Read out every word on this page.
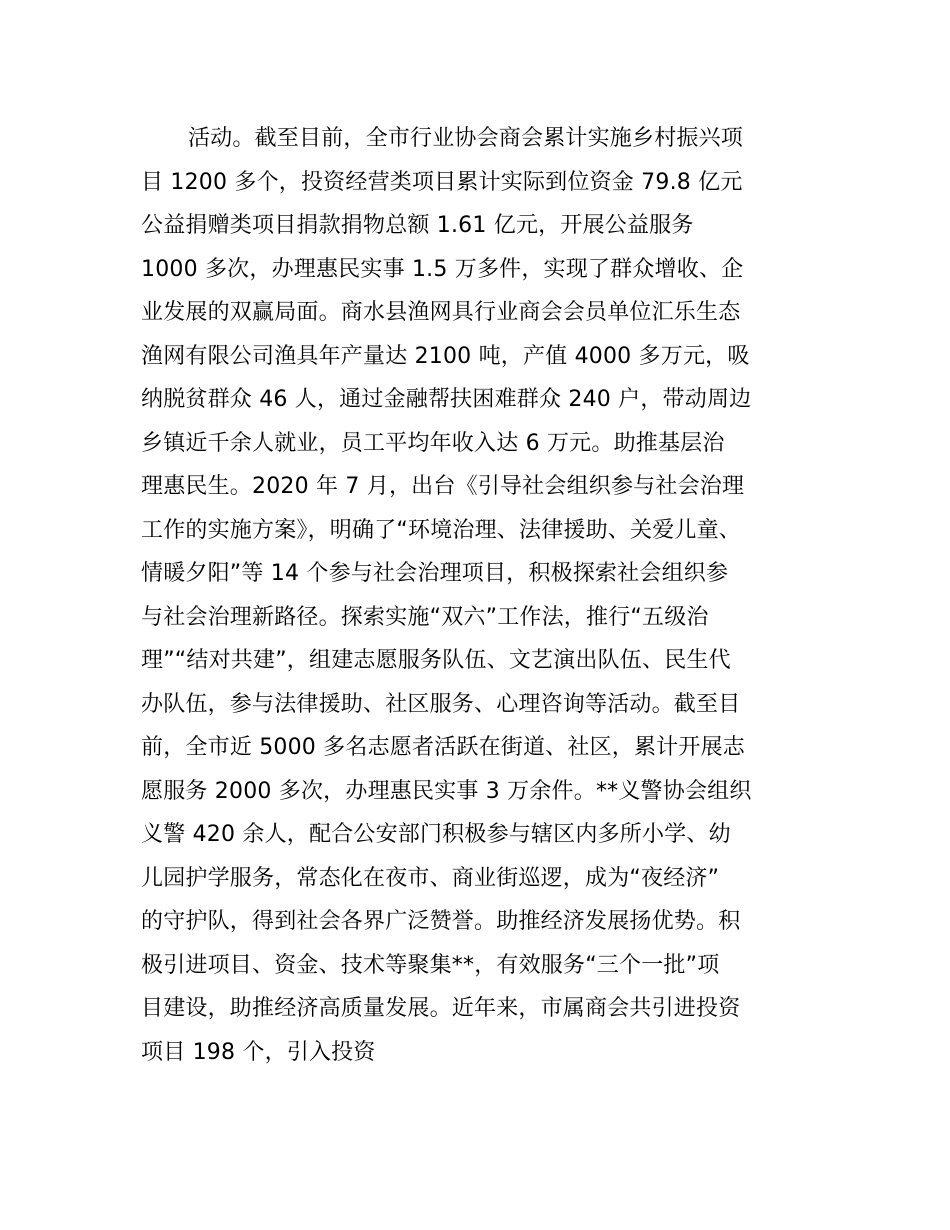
活动。截至目前，全市行业协会商会累计实施乡村振兴项
目 1200 多个，投资经营类项目累计实际到位资金 79.8 亿元
公益捐赠类项目捐款捐物总额 1.61 亿元，开展公益服务
1000 多次，办理惠民实事 1.5 万多件，实现了群众增收、企
业发展的双赢局面。商水县渔网具行业商会会员单位汇乐生态
渔网有限公司渔具年产量达 2100 吨，产值 4000 多万元，吸
纳脱贫群众 46 人，通过金融帮扶困难群众 240 户，带动周边
乡镇近千余人就业，员工平均年收入达 6 万元。助推基层治
理惠民生。2020 年 7 月，出台《引导社会组织参与社会治理
工作的实施方案》，明确了“环境治理、法律援助、关爱儿童、
情暖夕阳”等 14 个参与社会治理项目，积极探索社会组织参
与社会治理新路径。探索实施“双六”工作法，推行“五级治
理”“结对共建”，组建志愿服务队伍、文艺演出队伍、民生代
办队伍，参与法律援助、社区服务、心理咨询等活动。截至目
前，全市近 5000 多名志愿者活跃在街道、社区，累计开展志
愿服务 2000 多次，办理惠民实事 3 万余件。**义警协会组织
义警 420 余人，配合公安部门积极参与辖区内多所小学、幼
儿园护学服务，常态化在夜市、商业街巡逻，成为“夜经济”
的守护队，得到社会各界广泛赞誉。助推经济发展扬优势。积
极引进项目、资金、技术等聚集**，有效服务“三个一批”项
目建设，助推经济高质量发展。近年来，市属商会共引进投资
项目 198 个，引入投资
